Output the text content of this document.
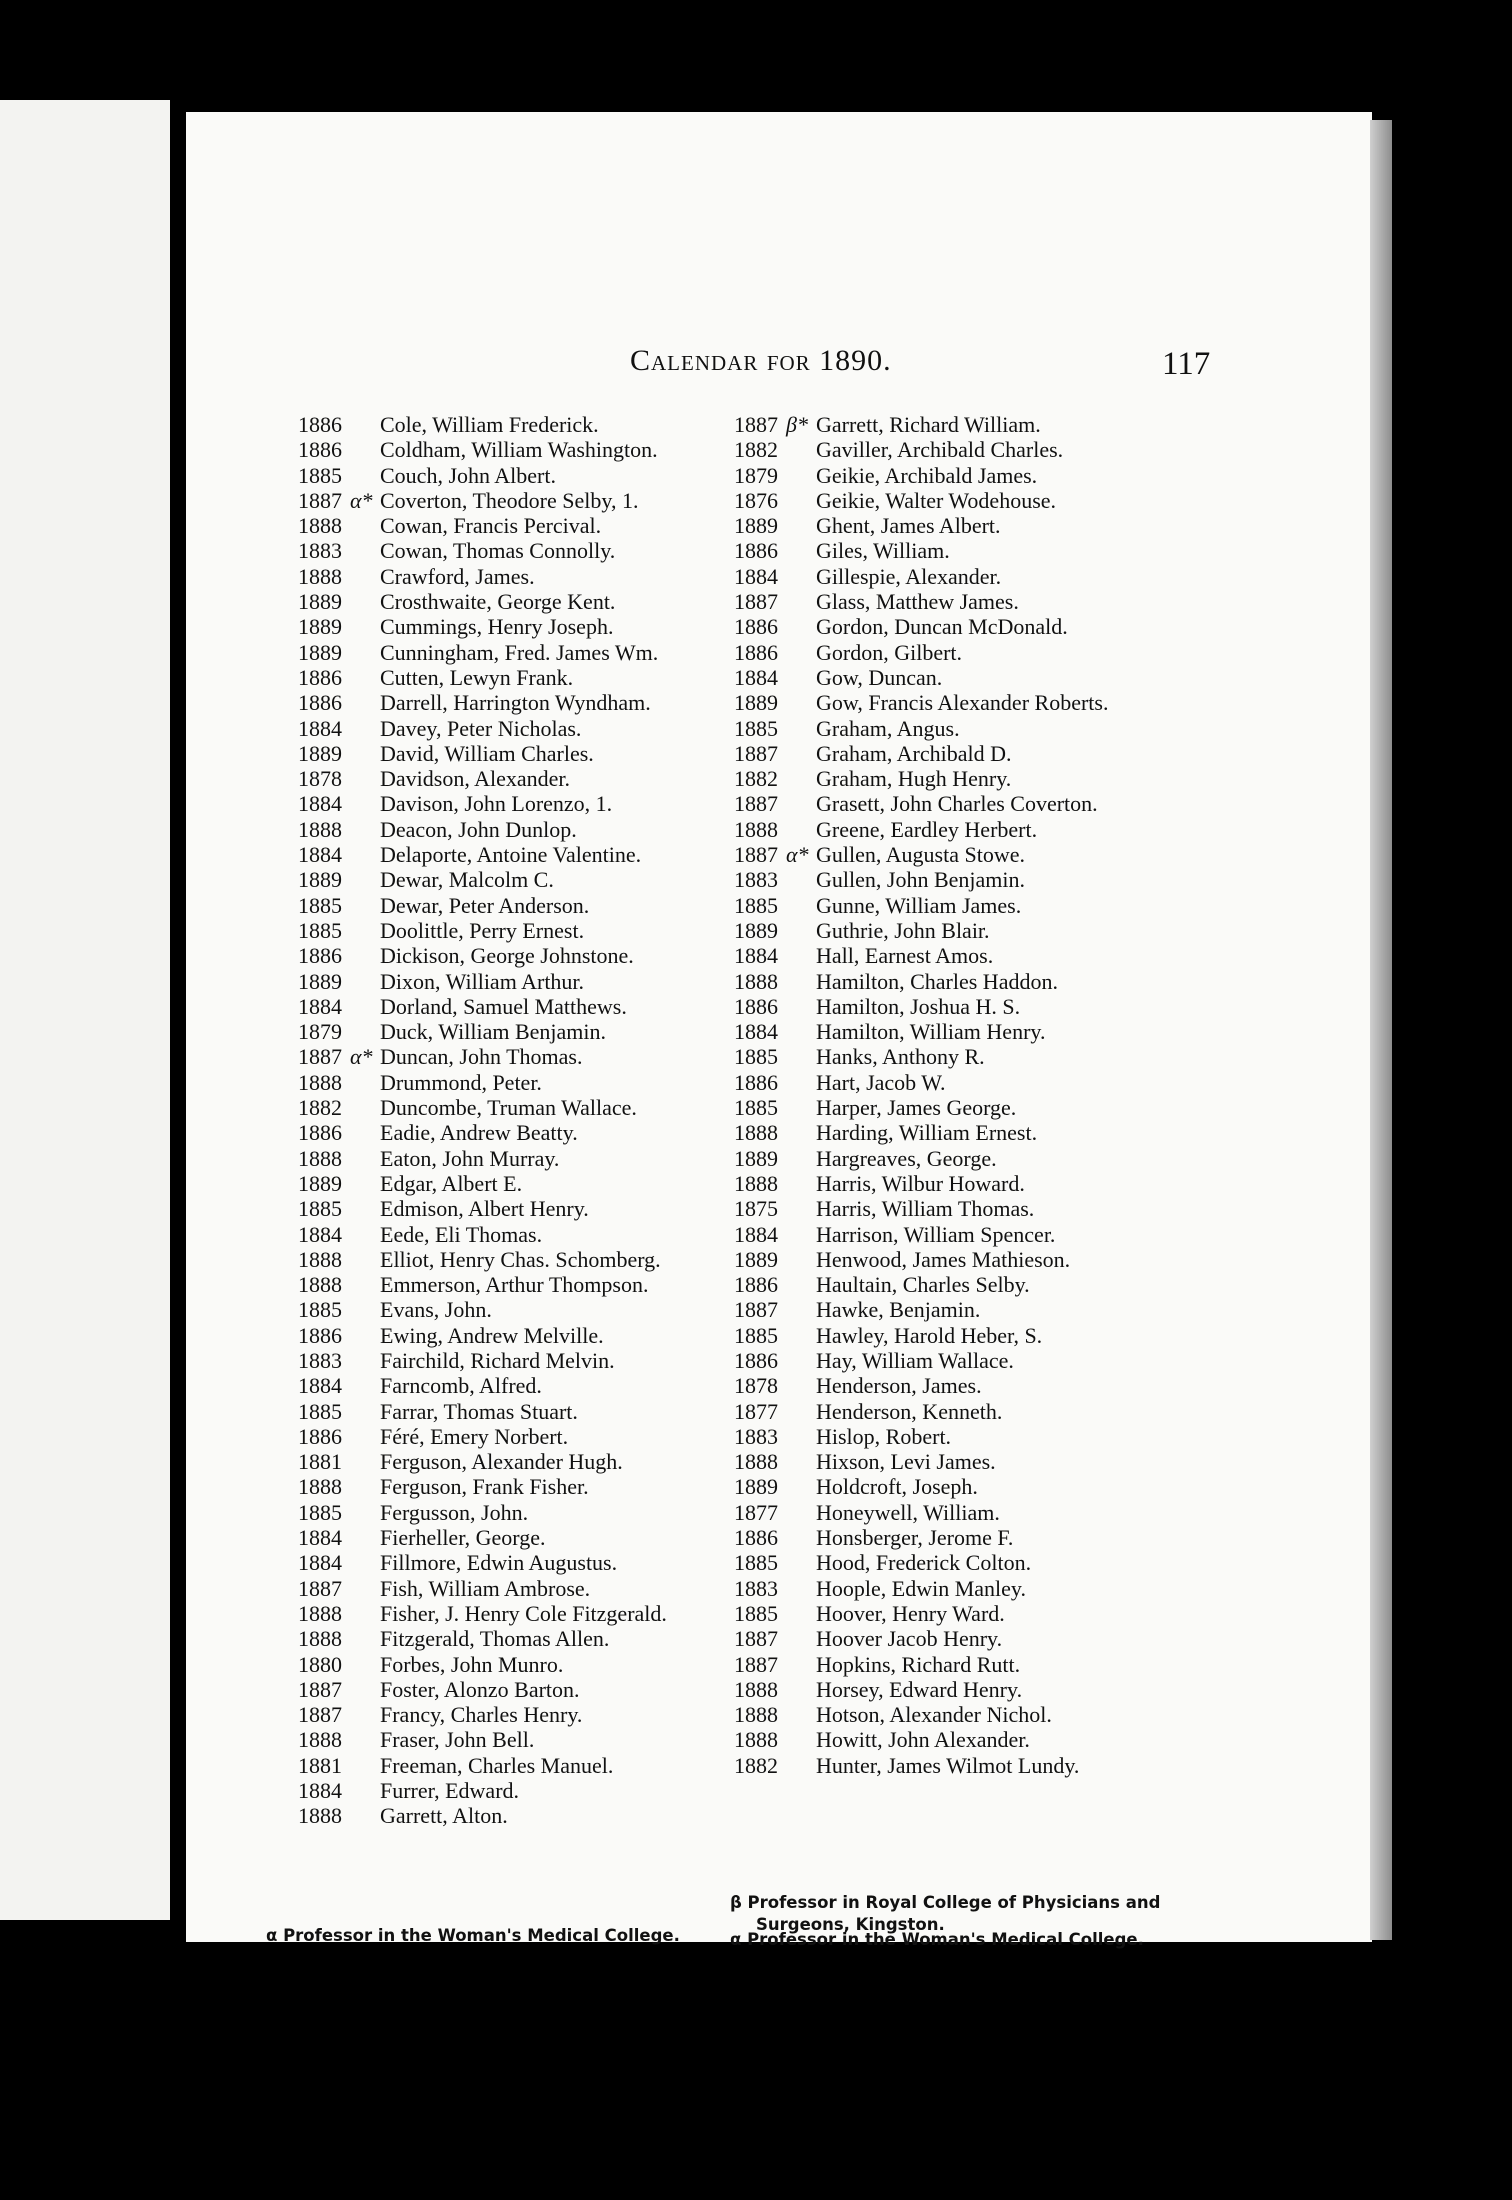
Calendar for 1890.	117
1886 Cole, William Frederick.
1886 Coldham, William Washington.
1885 Couch, John Albert.
1887 α* Coverton, Theodore Selby, 1.
1888 Cowan, Francis Percival.
1883 Cowan, Thomas Connolly.
1888 Crawford, James.
1889 Crosthwaite, George Kent.
1889 Cummings, Henry Joseph.
1889 Cunningham, Fred. James Wm.
1886 Cutten, Lewyn Frank.
1886 Darrell, Harrington Wyndham.
1884 Davey, Peter Nicholas.
1889 David, William Charles.
1878 Davidson, Alexander.
1884 Davison, John Lorenzo, 1.
1888 Deacon, John Dunlop.
1884 Delaporte, Antoine Valentine.
1889 Dewar, Malcolm C.
1885 Dewar, Peter Anderson.
1885 Doolittle, Perry Ernest.
1886 Dickison, George Johnstone.
1889 Dixon, William Arthur.
1884 Dorland, Samuel Matthews.
1879 Duck, William Benjamin.
1887 α* Duncan, John Thomas.
1888 Drummond, Peter.
1882 Duncombe, Truman Wallace.
1886 Eadie, Andrew Beatty.
1888 Eaton, John Murray.
1889 Edgar, Albert E.
1885 Edmison, Albert Henry.
1884 Eede, Eli Thomas.
1888 Elliot, Henry Chas. Schomberg.
1888 Emmerson, Arthur Thompson.
1885 Evans, John.
1886 Ewing, Andrew Melville.
1883 Fairchild, Richard Melvin.
1884 Farncomb, Alfred.
1885 Farrar, Thomas Stuart.
1886 Féré, Emery Norbert.
1881 Ferguson, Alexander Hugh.
1888 Ferguson, Frank Fisher.
1885 Fergusson, John.
1884 Fierheller, George.
1884 Fillmore, Edwin Augustus.
1887 Fish, William Ambrose.
1888 Fisher, J. Henry Cole Fitzgerald.
1888 Fitzgerald, Thomas Allen.
1880 Forbes, John Munro.
1887 Foster, Alonzo Barton.
1887 Francy, Charles Henry.
1888 Fraser, John Bell.
1881 Freeman, Charles Manuel.
1884 Furrer, Edward.
1888 Garrett, Alton.
1887 β* Garrett, Richard William.
1882 Gaviller, Archibald Charles.
1879 Geikie, Archibald James.
1876 Geikie, Walter Wodehouse.
1889 Ghent, James Albert.
1886 Giles, William.
1884 Gillespie, Alexander.
1887 Glass, Matthew James.
1886 Gordon, Duncan McDonald.
1886 Gordon, Gilbert.
1884 Gow, Duncan.
1889 Gow, Francis Alexander Roberts.
1885 Graham, Angus.
1887 Graham, Archibald D.
1882 Graham, Hugh Henry.
1887 Grasett, John Charles Coverton.
1888 Greene, Eardley Herbert.
1887 α* Gullen, Augusta Stowe.
1883 Gullen, John Benjamin.
1885 Gunne, William James.
1889 Guthrie, John Blair.
1884 Hall, Earnest Amos.
1888 Hamilton, Charles Haddon.
1886 Hamilton, Joshua H. S.
1884 Hamilton, William Henry.
1885 Hanks, Anthony R.
1886 Hart, Jacob W.
1885 Harper, James George.
1888 Harding, William Ernest.
1889 Hargreaves, George.
1888 Harris, Wilbur Howard.
1875 Harris, William Thomas.
1884 Harrison, William Spencer.
1889 Henwood, James Mathieson.
1886 Haultain, Charles Selby.
1887 Hawke, Benjamin.
1885 Hawley, Harold Heber, S.
1886 Hay, William Wallace.
1878 Henderson, James.
1877 Henderson, Kenneth.
1883 Hislop, Robert.
1888 Hixson, Levi James.
1889 Holdcroft, Joseph.
1877 Honeywell, William.
1886 Honsberger, Jerome F.
1885 Hood, Frederick Colton.
1883 Hoople, Edwin Manley.
1885 Hoover, Henry Ward.
1887 Hoover Jacob Henry.
1887 Hopkins, Richard Rutt.
1888 Horsey, Edward Henry.
1888 Hotson, Alexander Nichol.
1888 Howitt, John Alexander.
1882 Hunter, James Wilmot Lundy.
β Professor in Royal College of Physicians and
Surgeons, Kingston.
α Professor in the Woman's Medical College.
α Professor in the Woman's Medical College.
